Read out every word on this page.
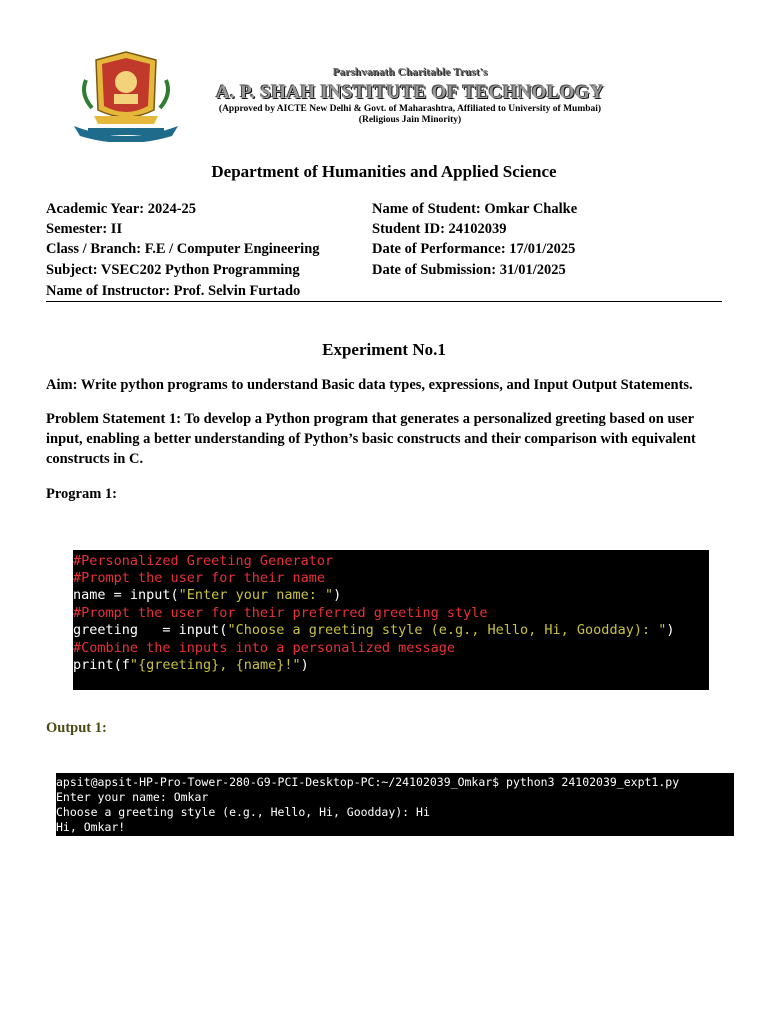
Parshvanath Charitable Trust's
A. P. SHAH INSTITUTE OF TECHNOLOGY
(Approved by AICTE New Delhi & Govt. of Maharashtra, Affiliated to University of Mumbai)
(Religious Jain Minority)
Department of Humanities and Applied Science
Academic Year: 2024-25
Semester: II
Class / Branch: F.E / Computer Engineering
Subject: VSEC202 Python Programming
Name of Instructor: Prof. Selvin Furtado
Name of Student: Omkar Chalke
Student ID: 24102039
Date of Performance: 17/01/2025
Date of Submission: 31/01/2025
Experiment No.1
Aim: Write python programs to understand Basic data types, expressions, and Input Output Statements.
Problem Statement 1: To develop a Python program that generates a personalized greeting based on user input, enabling a better understanding of Python’s basic constructs and their comparison with equivalent constructs in C.
Program 1:
#Personalized Greeting Generator
#Prompt the user for their name
name = input("Enter your name: ")
#Prompt the user for their preferred greeting style
greeting   = input("Choose a greeting style (e.g., Hello, Hi, Goodday): ")
#Combine the inputs into a personalized message
print(f"{greeting}, {name}!")
Output 1:
apsit@apsit-HP-Pro-Tower-280-G9-PCI-Desktop-PC:~/24102039_Omkar$ python3 24102039_expt1.py
Enter your name: Omkar
Choose a greeting style (e.g., Hello, Hi, Goodday): Hi
Hi, Omkar!
